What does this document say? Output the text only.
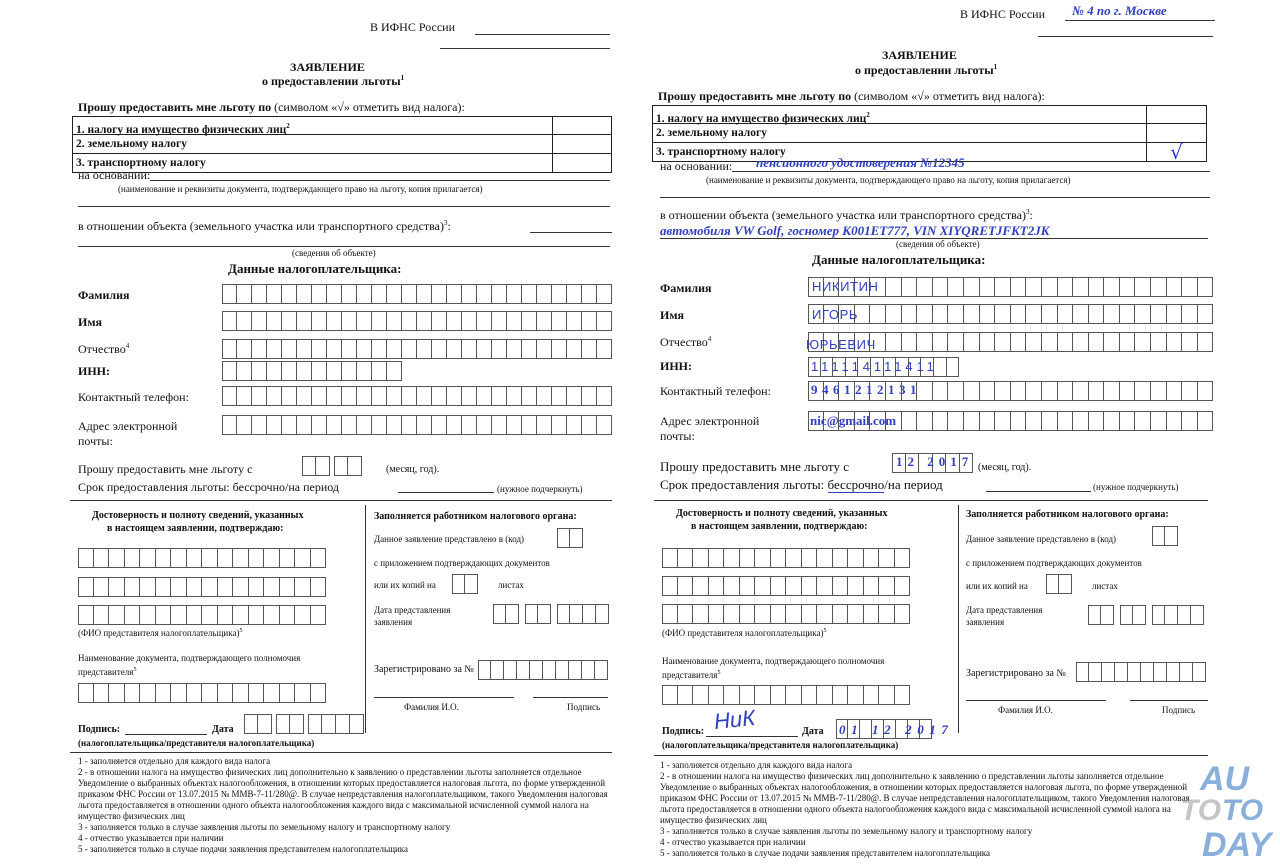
В ИФНС России
ЗАЯВЛЕНИЕ
о предоставлении льготы$^1$
Прошу предоставить мне льготу по (символом «√» отметить вид налога):
1. налогу на имущество физических лиц$^2$
2. земельному налогу
3. транспортному налогу
на основании:
(наименование и реквизиты документа, подтверждающего право на льготу, копия прилагается)
в отношении объекта (земельного участка или транспортного средства)$^3$:
(сведения об объекте)
Данные налогоплательщика:
Фамилия
Имя
Отчество$^4$
ИНН:
Контактный телефон:
Адрес электронной
почты:
Прошу предоставить мне льготу с	(месяц, год).
Срок предоставления льготы: бессрочно/на период	(нужное подчеркнуть)
Достоверность и полноту сведений, указанных
в настоящем заявлении, подтверждаю:
(ФИО представителя налогоплательщика)$^5$
Наименование документа, подтверждающего полномочия
представителя$^5$
Подпись:	Дата
(налогоплательщика/представителя налогоплательщика)
Заполняется работником налогового органа:
Данное заявление представлено в (код)
с приложением подтверждающих документов
или их копий на	листах
Дата представления
заявления
Зарегистрировано за №
Фамилия И.О.	Подпись
1 - заполняется отдельно для каждого вида налога
2 - в отношении налога на имущество физических лиц дополнительно к заявлению о представлении льготы заполняется отдельное Уведомление о выбранных объектах налогообложения, в отношении которых предоставляется налоговая льгота, по форме утвержденной приказом ФНС России от 13.07.2015 № ММВ-7-11/280@. В случае непредставления налогоплательщиком, такого Уведомления налоговая льгота предоставляется в отношении одного объекта налогообложения каждого вида с максимальной исчисленной суммой налога на имущество физических лиц
3 - заполняется только в случае заявления льготы по земельному налогу и транспортному налогу
4 - отчество указывается при наличии
5 - заполняется только в случае подачи заявления представителем налогоплательщика
В ИФНС России № 4 по г. Москве
ЗАЯВЛЕНИЕ
о предоставлении льготы$^1$
Прошу предоставить мне льготу по (символом «√» отметить вид налога):
1. налогу на имущество физических лиц$^2$
2. земельному налогу
3. транспортному налогу	√
на основании: пенсионного удостоверения №12345
(наименование и реквизиты документа, подтверждающего право на льготу, копия прилагается)
в отношении объекта (земельного участка или транспортного средства)$^3$:
автомобиля VW Golf, госномер К001ЕТ777, VIN XIYQRETJFKT2JK
(сведения об объекте)
Данные налогоплательщика:
Фамилия	НИКИТИН
Имя	ИГОРЬ
Отчество$^4$	ЮРЬЕВИЧ
ИНН:	111114111411
Контактный телефон:	9461212131
Адрес электронной
почты:
nic@gmail.com
Прошу предоставить мне льготу с	12 2017 (месяц, год).
Срок предоставления льготы: бессрочно/на период	(нужное подчеркнуть)
Достоверность и полноту сведений, указанных
в настоящем заявлении, подтверждаю:
(ФИО представителя налогоплательщика)$^5$
Наименование документа, подтверждающего полномочия
представителя$^5$
Подпись: НиК	Дата 01 12 2017
(налогоплательщика/представителя налогоплательщика)
Заполняется работником налогового органа:
Данное заявление представлено в (код)
с приложением подтверждающих документов
или их копий на	листах
Дата представления
заявления
Зарегистрировано за №
Фамилия И.О.	Подпись
1 - заполняется отдельно для каждого вида налога
2 - в отношении налога на имущество физических лиц дополнительно к заявлению о представлении льготы заполняется отдельное Уведомление о выбранных объектах налогообложения, в отношении которых предоставляется налоговая льгота, по форме утвержденной приказом ФНС России от 13.07.2015 № ММВ-7-11/280@. В случае непредставления налогоплательщиком, такого Уведомления налоговая льгота предоставляется в отношении одного объекта налогообложения каждого вида с максимальной исчисленной суммой налога на имущество физических лиц
3 - заполняется только в случае заявления льготы по земельному налогу и транспортному налогу
4 - отчество указывается при наличии
5 - заполняется только в случае подачи заявления представителем налогоплательщика
AU
TO TO
DAY
